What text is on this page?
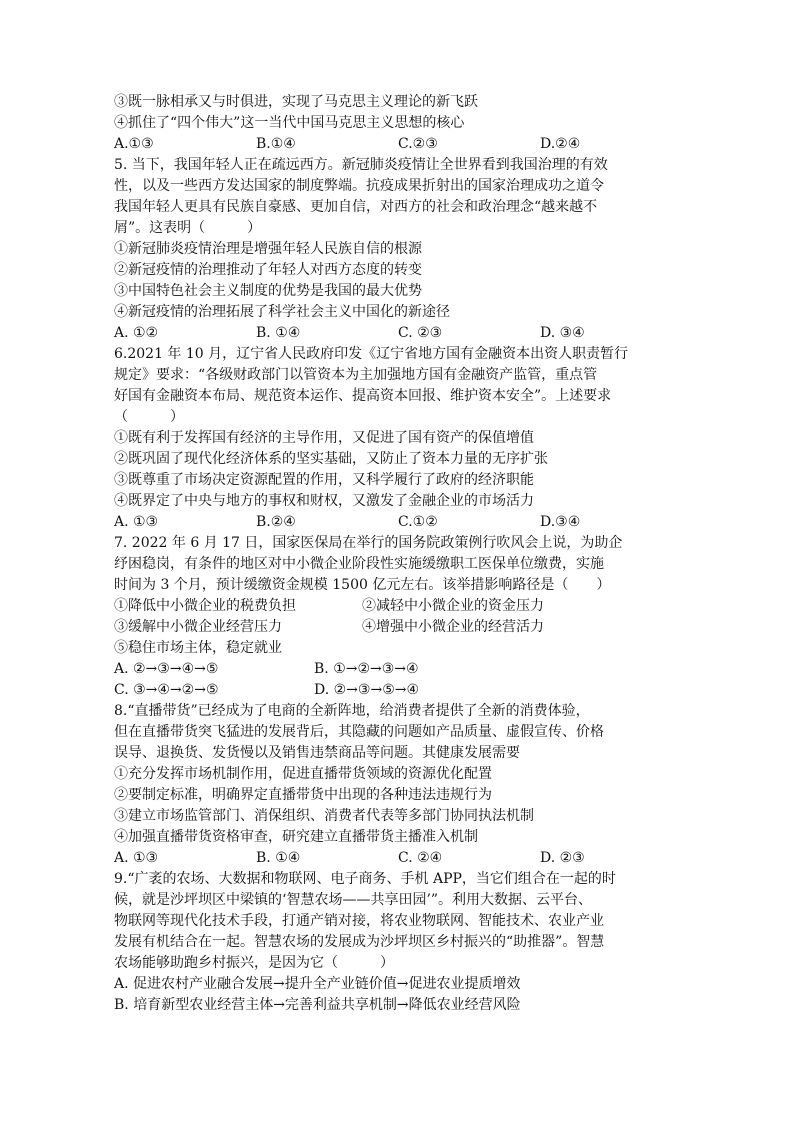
③既一脉相承又与时俱进，实现了马克思主义理论的新飞跃
④抓住了“四个伟大”这一当代中国马克思主义思想的核心
A.①③	B.①④	C.②③	D.②④
5. 当下，我国年轻人正在疏远西方。新冠肺炎疫情让全世界看到我国治理的有效
性，以及一些西方发达国家的制度弊端。抗疫成果折射出的国家治理成功之道令
我国年轻人更具有民族自豪感、更加自信，对西方的社会和政治理念“越来越不
屑”。这表明（　　　）
①新冠肺炎疫情治理是增强年轻人民族自信的根源
②新冠疫情的治理推动了年轻人对西方态度的转变
③中国特色社会主义制度的优势是我国的最大优势
④新冠疫情的治理拓展了科学社会主义中国化的新途径
A. ①②	B. ①④	C. ②③	D. ③④
6.2021 年 10 月，辽宁省人民政府印发《辽宁省地方国有金融资本出资人职责暂行
规定》要求：“各级财政部门以管资本为主加强地方国有金融资产监管，重点管
好国有金融资本布局、规范资本运作、提高资本回报、维护资本安全”。上述要求
（　　　）
①既有利于发挥国有经济的主导作用，又促进了国有资产的保值增值
②既巩固了现代化经济体系的坚实基础，又防止了资本力量的无序扩张
③既尊重了市场决定资源配置的作用，又科学履行了政府的经济职能
④既界定了中央与地方的事权和财权，又激发了金融企业的市场活力
A. ①③	B.②④	C.①②	D.③④
7. 2022 年 6 月 17 日，国家医保局在举行的国务院政策例行吹风会上说，为助企
纾困稳岗，有条件的地区对中小微企业阶段性实施缓缴职工医保单位缴费，实施
时间为 3 个月，预计缓缴资金规模 1500 亿元左右。该举措影响路径是（　　）
①降低中小微企业的税费负担	②减轻中小微企业的资金压力
③缓解中小微企业经营压力	④增强中小微企业的经营活力
⑤稳住市场主体，稳定就业
A. ②→③→④→⑤	B. ①→②→③→④
C. ③→④→②→⑤	D. ②→③→⑤→④
8.“直播带货”已经成为了电商的全新阵地，给消费者提供了全新的消费体验，
但在直播带货突飞猛进的发展背后，其隐藏的问题如产品质量、虚假宣传、价格
误导、退换货、发货慢以及销售违禁商品等问题。其健康发展需要
①充分发挥市场机制作用，促进直播带货领域的资源优化配置
②要制定标准，明确界定直播带货中出现的各种违法违规行为
③建立市场监管部门、消保组织、消费者代表等多部门协同执法机制
④加强直播带货资格审查，研究建立直播带货主播准入机制
A. ①③	B. ①④	C. ②④	D. ②③
9.“广袤的农场、大数据和物联网、电子商务、手机 APP，当它们组合在一起的时
候，就是沙坪坝区中梁镇的‘智慧农场——共享田园’”。利用大数据、云平台、
物联网等现代化技术手段，打通产销对接，将农业物联网、智能技术、农业产业
发展有机结合在一起。智慧农场的发展成为沙坪坝区乡村振兴的“助推器”。智慧
农场能够助跑乡村振兴，是因为它（　　　）
A. 促进农村产业融合发展→提升全产业链价值→促进农业提质增效
B. 培育新型农业经营主体→完善利益共享机制→降低农业经营风险
